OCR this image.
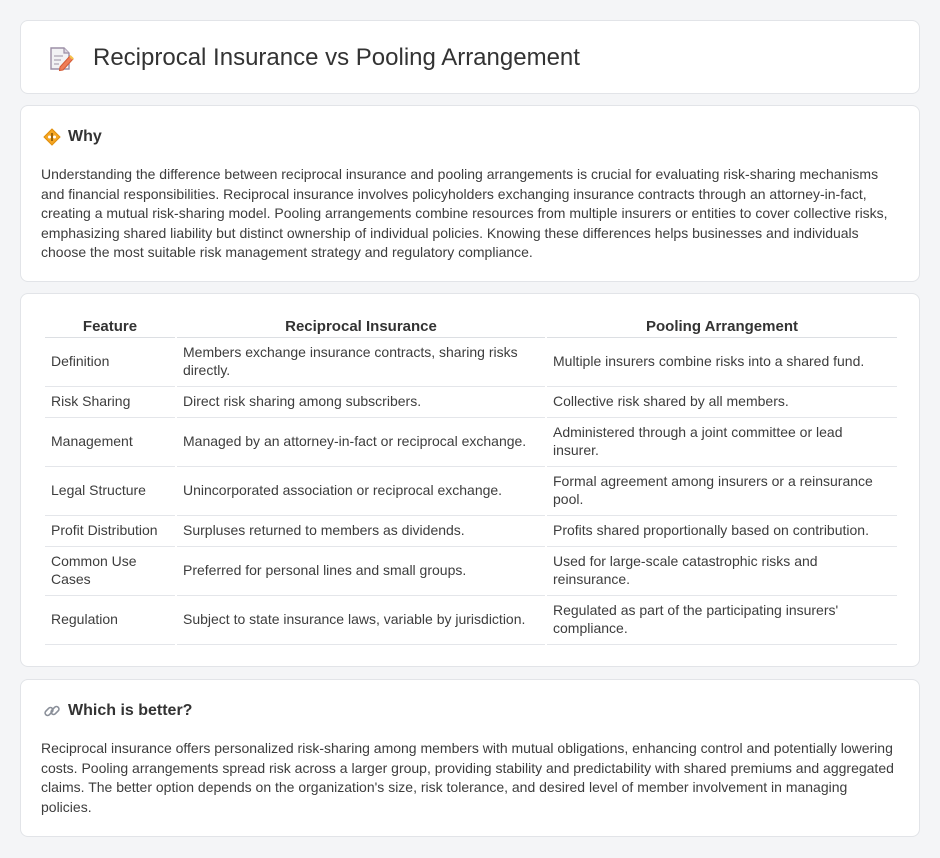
Reciprocal Insurance vs Pooling Arrangement
Why

Understanding the difference between reciprocal insurance and pooling arrangements is crucial for evaluating risk-sharing mechanisms and financial responsibilities. Reciprocal insurance involves policyholders exchanging insurance contracts through an attorney-in-fact, creating a mutual risk-sharing model. Pooling arrangements combine resources from multiple insurers or entities to cover collective risks, emphasizing shared liability but distinct ownership of individual policies. Knowing these differences helps businesses and individuals choose the most suitable risk management strategy and regulatory compliance.

Feature	Reciprocal Insurance	Pooling Arrangement
Definition	Members exchange insurance contracts, sharing risks directly.	Multiple insurers combine risks into a shared fund.
Risk Sharing	Direct risk sharing among subscribers.	Collective risk shared by all members.
Management	Managed by an attorney-in-fact or reciprocal exchange.	Administered through a joint committee or lead insurer.
Legal Structure	Unincorporated association or reciprocal exchange.	Formal agreement among insurers or a reinsurance pool.
Profit Distribution	Surpluses returned to members as dividends.	Profits shared proportionally based on contribution.
Common Use Cases	Preferred for personal lines and small groups.	Used for large-scale catastrophic risks and reinsurance.
Regulation	Subject to state insurance laws, variable by jurisdiction.	Regulated as part of the participating insurers' compliance.
Which is better?

Reciprocal insurance offers personalized risk-sharing among members with mutual obligations, enhancing control and potentially lowering costs. Pooling arrangements spread risk across a larger group, providing stability and predictability with shared premiums and aggregated claims. The better option depends on the organization's size, risk tolerance, and desired level of member involvement in managing policies.
